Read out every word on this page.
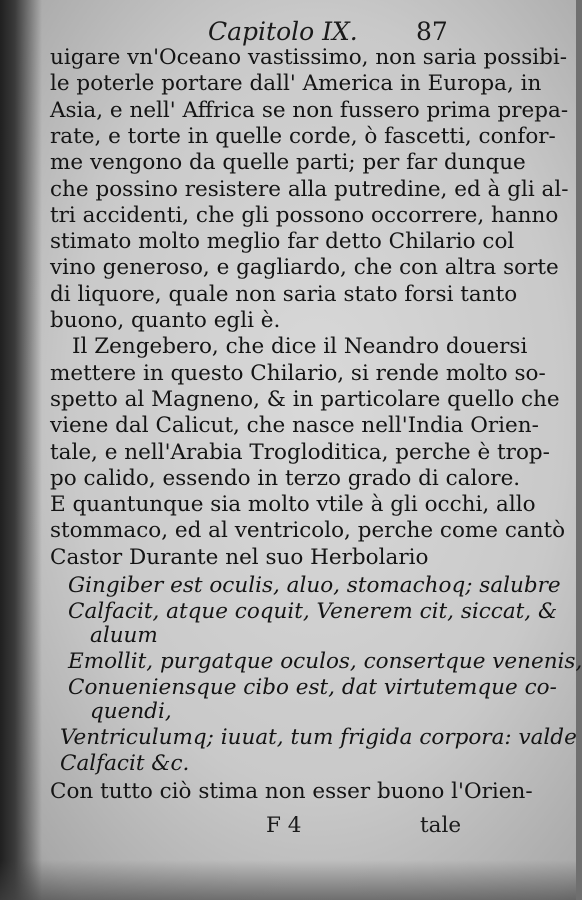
Capitolo IX. 87
uigare vn'Oceano vastissimo, non saria possibi-
le poterle portare dall' America in Europa, in
Asia, e nell' Affrica se non fussero prima prepa-
rate, e torte in quelle corde, ò fascetti, confor-
me vengono da quelle parti; per far dunque
che possino resistere alla putredine, ed à gli al-
tri accidenti, che gli possono occorrere, hanno
stimato molto meglio far detto Chilario col
vino generoso, e gagliardo, che con altra sorte
di liquore, quale non saria stato forsi tanto
buono, quanto egli è.
Il Zengebero, che dice il Neandro douersi
mettere in questo Chilario, si rende molto so-
spetto al Magneno, & in particolare quello che
viene dal Calicut, che nasce nell'India Orien-
tale, e nell'Arabia Trogloditica, perche è trop-
po calido, essendo in terzo grado di calore.
E quantunque sia molto vtile à gli occhi, allo
stommaco, ed al ventricolo, perche come cantò
Castor Durante nel suo Herbolario
Gingiber est oculis, aluo, stomachoq; salubre
Calfacit, atque coquit, Venerem cit, siccat, &
aluum
Emollit, purgatque oculos, consertque venenis,
Conueniensque cibo est, dat virtutemque co-
quendi,
Ventriculumq; iuuat, tum frigida corpora: valde
Calfacit &c.
Con tutto ciò stima non esser buono l'Orien-
F 4	tale
